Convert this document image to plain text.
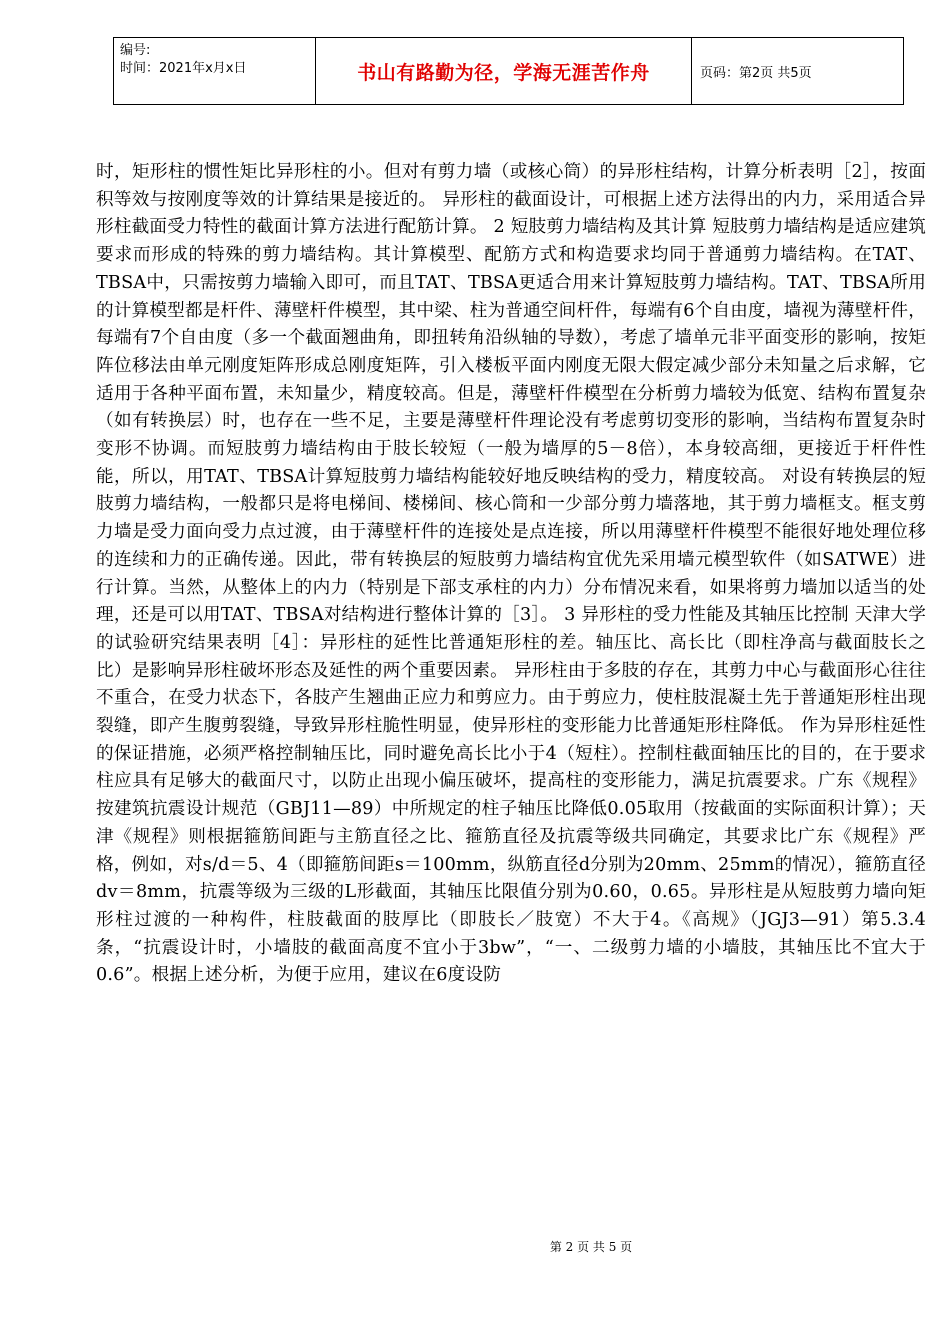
编号:
时间：2021年x月x日	书山有路勤为径，学海无涯苦作舟	页码：第2页 共5页
时，矩形柱的惯性矩比异形柱的小。但对有剪力墙（或核心筒）的异形柱结构，计算分析表明［2］，按面积等效与按刚度等效的计算结果是接近的。 异形柱的截面设计，可根据上述方法得出的内力，采用适合异形柱截面受力特性的截面计算方法进行配筋计算。 2 短肢剪力墙结构及其计算 短肢剪力墙结构是适应建筑要求而形成的特殊的剪力墙结构。其计算模型、配筋方式和构造要求均同于普通剪力墙结构。在TAT、TBSA中，只需按剪力墙输入即可，而且TAT、TBSA更适合用来计算短肢剪力墙结构。TAT、TBSA所用的计算模型都是杆件、薄壁杆件模型，其中梁、柱为普通空间杆件，每端有6个自由度，墙视为薄壁杆件，每端有7个自由度（多一个截面翘曲角，即扭转角沿纵轴的导数），考虑了墙单元非平面变形的影响，按矩阵位移法由单元刚度矩阵形成总刚度矩阵，引入楼板平面内刚度无限大假定减少部分未知量之后求解，它适用于各种平面布置，未知量少，精度较高。但是，薄壁杆件模型在分析剪力墙较为低宽、结构布置复杂（如有转换层）时，也存在一些不足，主要是薄壁杆件理论没有考虑剪切变形的影响，当结构布置复杂时变形不协调。而短肢剪力墙结构由于肢长较短（一般为墙厚的5－8倍），本身较高细，更接近于杆件性能，所以，用TAT、TBSA计算短肢剪力墙结构能较好地反映结构的受力，精度较高。 对设有转换层的短肢剪力墙结构，一般都只是将电梯间、楼梯间、核心筒和一少部分剪力墙落地，其于剪力墙框支。框支剪力墙是受力面向受力点过渡，由于薄壁杆件的连接处是点连接，所以用薄壁杆件模型不能很好地处理位移的连续和力的正确传递。因此，带有转换层的短肢剪力墙结构宜优先采用墙元模型软件（如SATWE）进行计算。当然，从整体上的内力（特别是下部支承柱的内力）分布情况来看，如果将剪力墙加以适当的处理，还是可以用TAT、TBSA对结构进行整体计算的［3］。 3 异形柱的受力性能及其轴压比控制 天津大学的试验研究结果表明［4］：异形柱的延性比普通矩形柱的差。轴压比、高长比（即柱净高与截面肢长之比）是影响异形柱破坏形态及延性的两个重要因素。 异形柱由于多肢的存在，其剪力中心与截面形心往往不重合，在受力状态下，各肢产生翘曲正应力和剪应力。由于剪应力，使柱肢混凝土先于普通矩形柱出现裂缝，即产生腹剪裂缝，导致异形柱脆性明显，使异形柱的变形能力比普通矩形柱降低。 作为异形柱延性的保证措施，必须严格控制轴压比，同时避免高长比小于4（短柱）。控制柱截面轴压比的目的，在于要求柱应具有足够大的截面尺寸，以防止出现小偏压破坏，提高柱的变形能力，满足抗震要求。广东《规程》按建筑抗震设计规范（GBJ11—89）中所规定的柱子轴压比降低0.05取用（按截面的实际面积计算）；天津《规程》则根据箍筋间距与主筋直径之比、箍筋直径及抗震等级共同确定，其要求比广东《规程》严格，例如，对s/d＝5、4（即箍筋间距s＝100mm，纵筋直径d分别为20mm、25mm的情况），箍筋直径dv＝8mm，抗震等级为三级的L形截面，其轴压比限值分别为0.60，0.65。异形柱是从短肢剪力墙向矩形柱过渡的一种构件，柱肢截面的肢厚比（即肢长／肢宽）不大于4。《高规》（JGJ3—91）第5.3.4条，“抗震设计时，小墙肢的截面高度不宜小于3bw”，“一、二级剪力墙的小墙肢，其轴压比不宜大于0.6”。根据上述分析，为便于应用，建议在6度设防
第 2 页 共 5 页
